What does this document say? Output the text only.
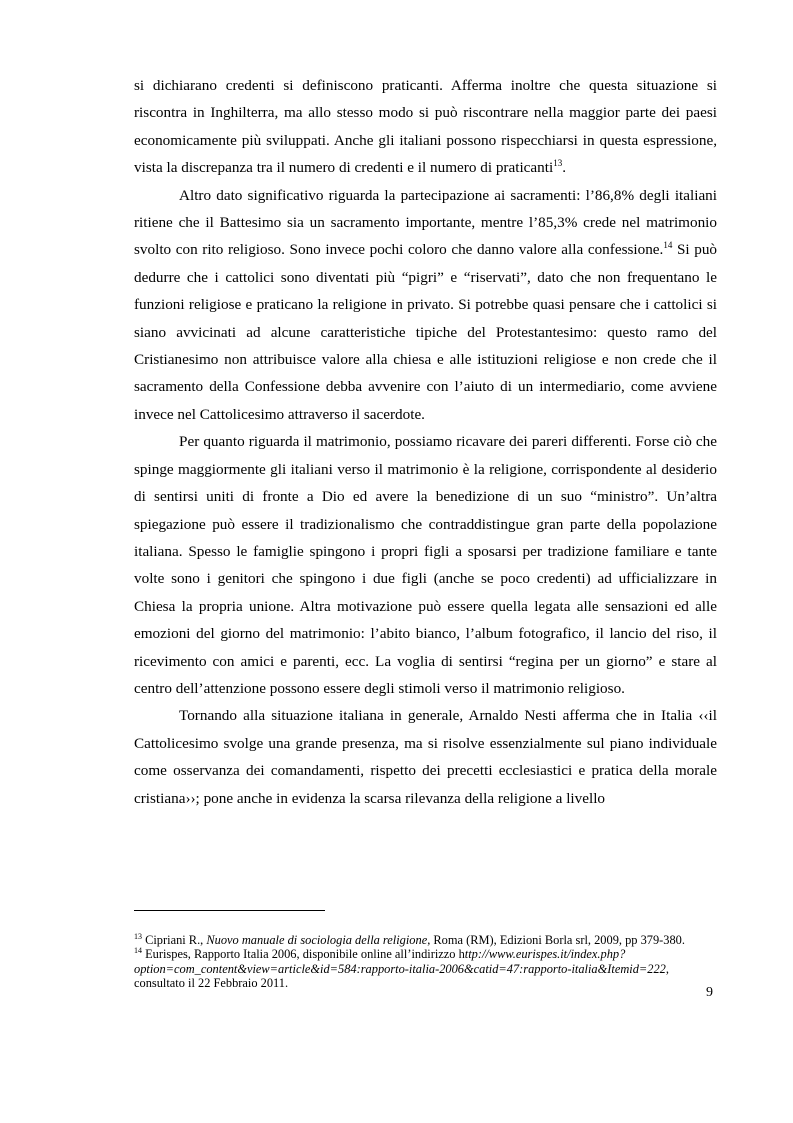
si dichiarano credenti si definiscono praticanti. Afferma inoltre che questa situazione si riscontra in Inghilterra, ma allo stesso modo si può riscontrare nella maggior parte dei paesi economicamente più sviluppati. Anche gli italiani possono rispecchiarsi in questa espressione, vista la discrepanza tra il numero di credenti e il numero di praticanti$^{13}$.

Altro dato significativo riguarda la partecipazione ai sacramenti: l’86,8% degli italiani ritiene che il Battesimo sia un sacramento importante, mentre l’85,3% crede nel matrimonio svolto con rito religioso. Sono invece pochi coloro che danno valore alla confessione.$^{14}$ Si può dedurre che i cattolici sono diventati più “pigri” e “riservati”, dato che non frequentano le funzioni religiose e praticano la religione in privato. Si potrebbe quasi pensare che i cattolici si siano avvicinati ad alcune caratteristiche tipiche del Protestantesimo: questo ramo del Cristianesimo non attribuisce valore alla chiesa e alle istituzioni religiose e non crede che il sacramento della Confessione debba avvenire con l’aiuto di un intermediario, come avviene invece nel Cattolicesimo attraverso il sacerdote.

Per quanto riguarda il matrimonio, possiamo ricavare dei pareri differenti. Forse ciò che spinge maggiormente gli italiani verso il matrimonio è la religione, corrispondente al desiderio di sentirsi uniti di fronte a Dio ed avere la benedizione di un suo “ministro”. Un’altra spiegazione può essere il tradizionalismo che contraddistingue gran parte della popolazione italiana. Spesso le famiglie spingono i propri figli a sposarsi per tradizione familiare e tante volte sono i genitori che spingono i due figli (anche se poco credenti) ad ufficializzare in Chiesa la propria unione. Altra motivazione può essere quella legata alle sensazioni ed alle emozioni del giorno del matrimonio: l’abito bianco, l’album fotografico, il lancio del riso, il ricevimento con amici e parenti, ecc. La voglia di sentirsi “regina per un giorno” e stare al centro dell’attenzione possono essere degli stimoli verso il matrimonio religioso.

Tornando alla situazione italiana in generale, Arnaldo Nesti afferma che in Italia ‹‹il Cattolicesimo svolge una grande presenza, ma si risolve essenzialmente sul piano individuale come osservanza dei comandamenti, rispetto dei precetti ecclesiastici e pratica della morale cristiana››; pone anche in evidenza la scarsa rilevanza della religione a livello

$^{13}$ Cipriani R., Nuovo manuale di sociologia della religione, Roma (RM), Edizioni Borla srl, 2009, pp 379-380.

$^{14}$ Eurispes, Rapporto Italia 2006, disponibile online all’indirizzo http://www.eurispes.it/index.php? option=com_content&view=article&id=584:rapporto-italia-2006&catid=47:rapporto-italia&Itemid=222, consultato il 22 Febbraio 2011.

9
